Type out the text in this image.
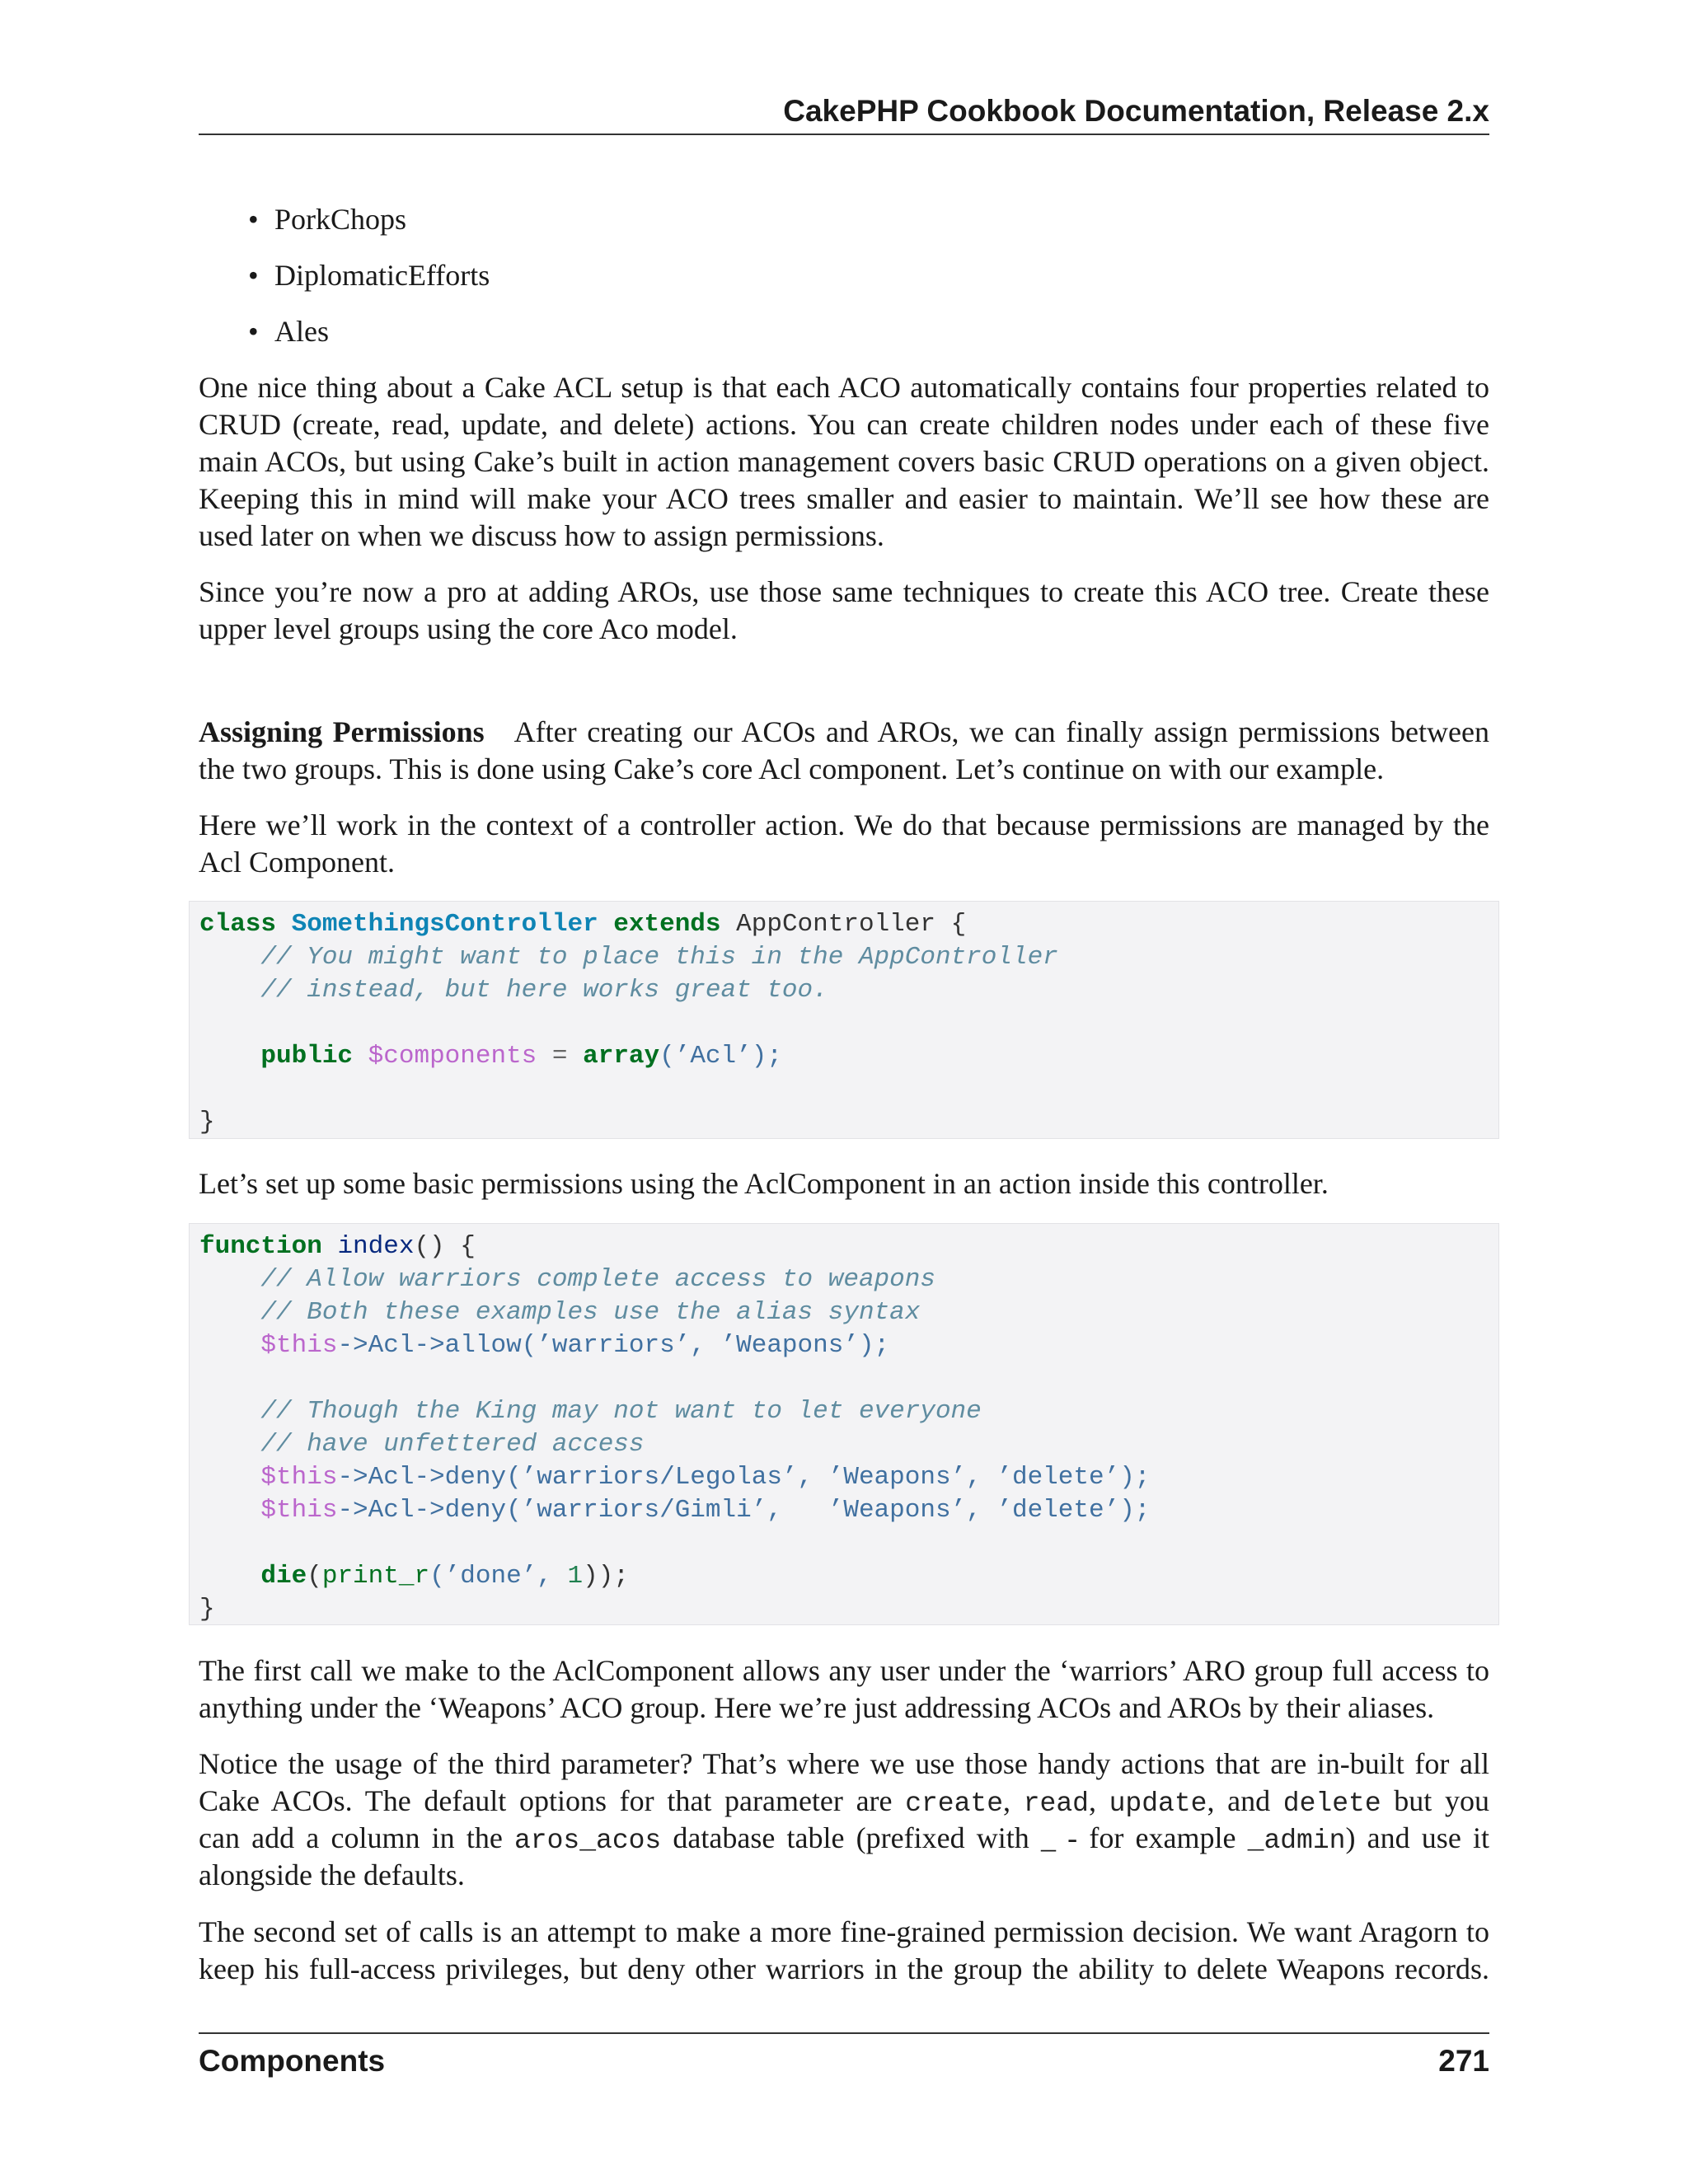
CakePHP Cookbook Documentation, Release 2.x
• PorkChops
• DiplomaticEfforts
• Ales
One nice thing about a Cake ACL setup is that each ACO automatically contains four properties related to
CRUD (create, read, update, and delete) actions. You can create children nodes under each of these five
main ACOs, but using Cake’s built in action management covers basic CRUD operations on a given object.
Keeping this in mind will make your ACO trees smaller and easier to maintain. We’ll see how these are
used later on when we discuss how to assign permissions.
Since you’re now a pro at adding AROs, use those same techniques to create this ACO tree. Create these
upper level groups using the core Aco model.
Assigning Permissions After creating our ACOs and AROs, we can finally assign permissions between
the two groups. This is done using Cake’s core Acl component. Let’s continue on with our example.
Here we’ll work in the context of a controller action. We do that because permissions are managed by the
Acl Component.
class SomethingsController extends AppController {
// You might want to place this in the AppController
// instead, but here works great too.

public $components = array(’Acl’);

}
Let’s set up some basic permissions using the AclComponent in an action inside this controller.
function index() {
// Allow warriors complete access to weapons
// Both these examples use the alias syntax
$this->Acl->allow(’warriors’, ’Weapons’);

// Though the King may not want to let everyone
// have unfettered access
$this->Acl->deny(’warriors/Legolas’, ’Weapons’, ’delete’);
$this->Acl->deny(’warriors/Gimli’,   ’Weapons’, ’delete’);

die(print_r(’done’, 1));
}
The first call we make to the AclComponent allows any user under the ‘warriors’ ARO group full access to
anything under the ‘Weapons’ ACO group. Here we’re just addressing ACOs and AROs by their aliases.
Notice the usage of the third parameter? That’s where we use those handy actions that are in-built for all
Cake ACOs. The default options for that parameter are create, read, update, and delete but you
can add a column in the aros_acos database table (prefixed with _ - for example _admin) and use it
alongside the defaults.
The second set of calls is an attempt to make a more fine-grained permission decision. We want Aragorn to
keep his full-access privileges, but deny other warriors in the group the ability to delete Weapons records.
Components	271
